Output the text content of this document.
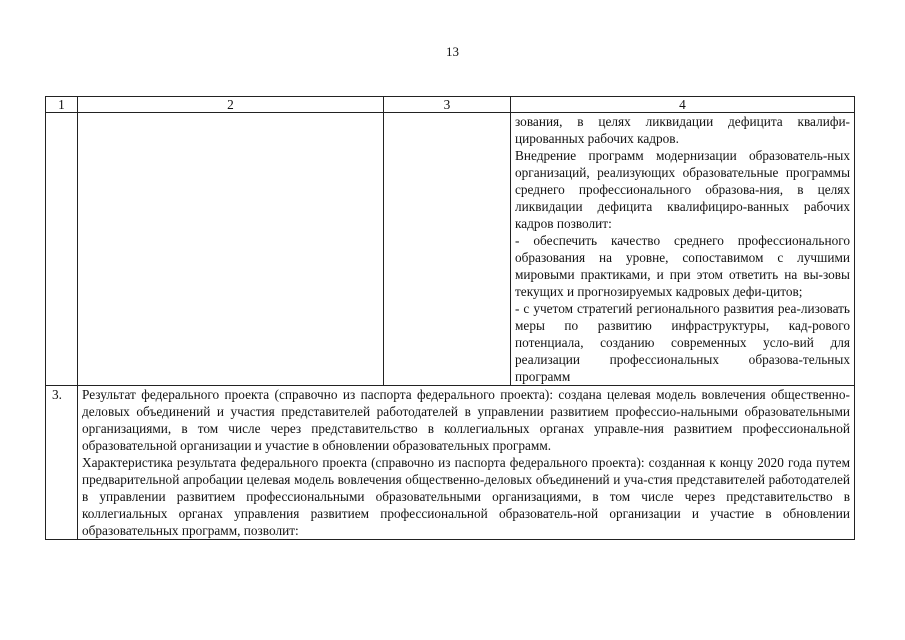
13
1	2	3	4

			зования, в целях ликвидации дефицита квалифи-цированных рабочих кадров.

Внедрение программ модернизации образователь-ных организаций, реализующих образовательные программы среднего профессионального образова-ния, в целях ликвидации дефицита квалифициро-ванных рабочих кадров позволит:

- обеспечить качество среднего профессионального образования на уровне, сопоставимом с лучшими мировыми практиками, и при этом ответить на вы-зовы текущих и прогнозируемых кадровых дефи-цитов;

- с учетом стратегий регионального развития реа-лизовать меры по развитию инфраструктуры, кад-рового потенциала, созданию современных усло-вий для реализации профессиональных образова-тельных программ

3.	Результат федерального проекта (справочно из паспорта федерального проекта): создана целевая модель вовлечения общественно-деловых объединений и участия представителей работодателей в управлении развитием профессио-нальными образовательными организациями, в том числе через представительство в коллегиальных органах управле-ния развитием профессиональной образовательной организации и участие в обновлении образовательных программ.

Характеристика результата федерального проекта (справочно из паспорта федерального проекта): созданная к концу 2020 года путем предварительной апробации целевая модель вовлечения общественно-деловых объединений и уча-стия представителей работодателей в управлении развитием профессиональными образовательными организациями, в том числе через представительство в коллегиальных органах управления развитием профессиональной образователь-ной организации и участие в обновлении образовательных программ, позволит:		
